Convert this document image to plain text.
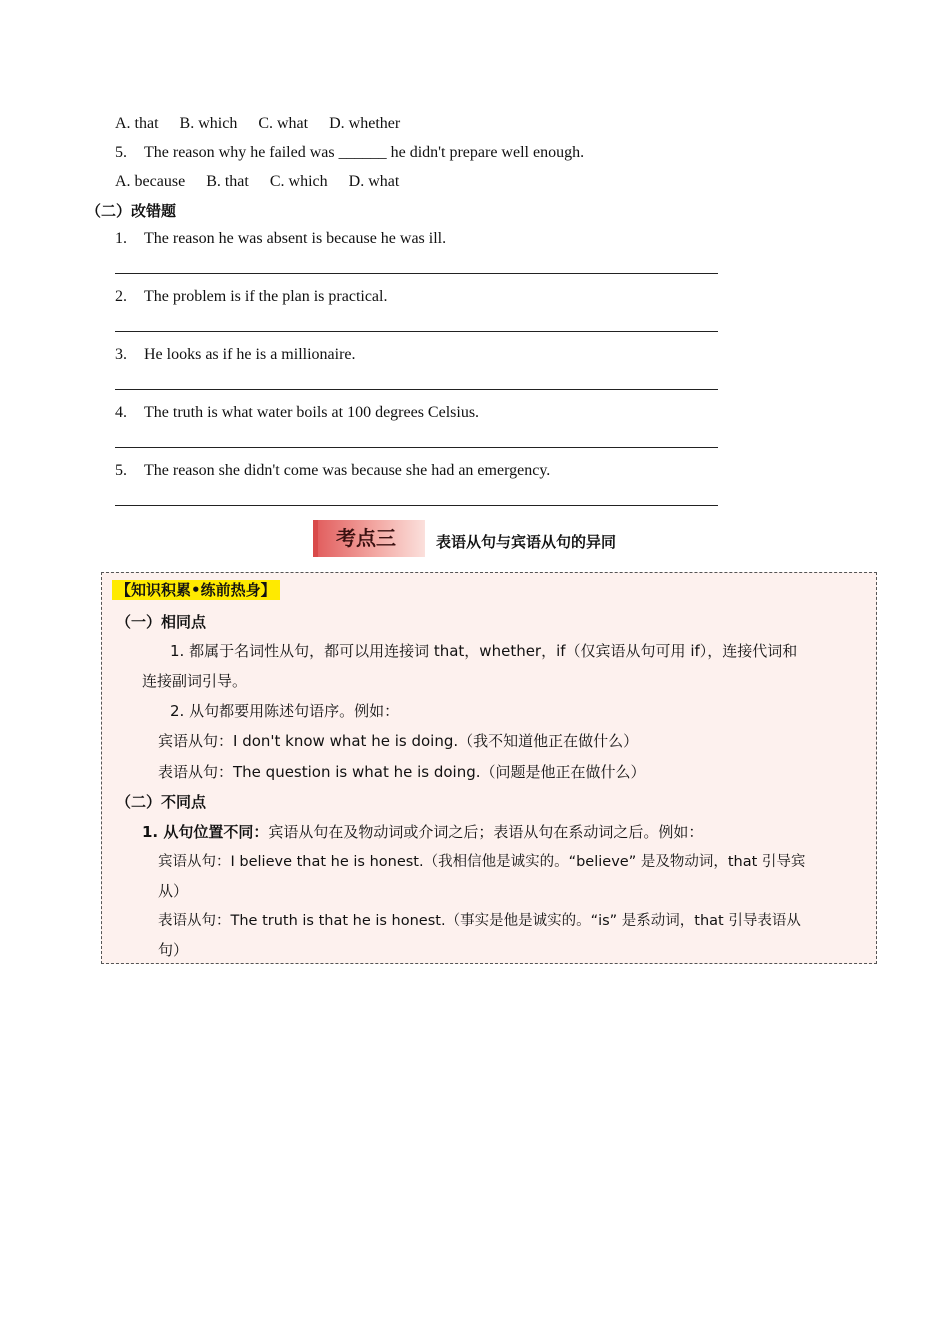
A. that B. which C. what D. whether
5. The reason why he failed was ______ he didn't prepare well enough.
A. because B. that C. which D. what
（二）改错题
1. The reason he was absent is because he was ill.
2. The problem is if the plan is practical.
3. He looks as if he is a millionaire.
4. The truth is what water boils at 100 degrees Celsius.
5. The reason she didn't come was because she had an emergency.
考点三	表语从句与宾语从句的异同
【知识积累•练前热身】
（一）相同点
1. 都属于名词性从句，都可以用连接词 that，whether，if（仅宾语从句可用 if），连接代词和
连接副词引导。
2. 从句都要用陈述句语序。例如：
宾语从句：I don't know what he is doing.（我不知道他正在做什么）
表语从句：The question is what he is doing.（问题是他正在做什么）
（二）不同点
1. 从句位置不同：宾语从句在及物动词或介词之后；表语从句在系动词之后。例如：
宾语从句：I believe that he is honest.（我相信他是诚实的。“believe” 是及物动词，that 引导宾
从）
表语从句：The truth is that he is honest.（事实是他是诚实的。“is” 是系动词，that 引导表语从
句）
